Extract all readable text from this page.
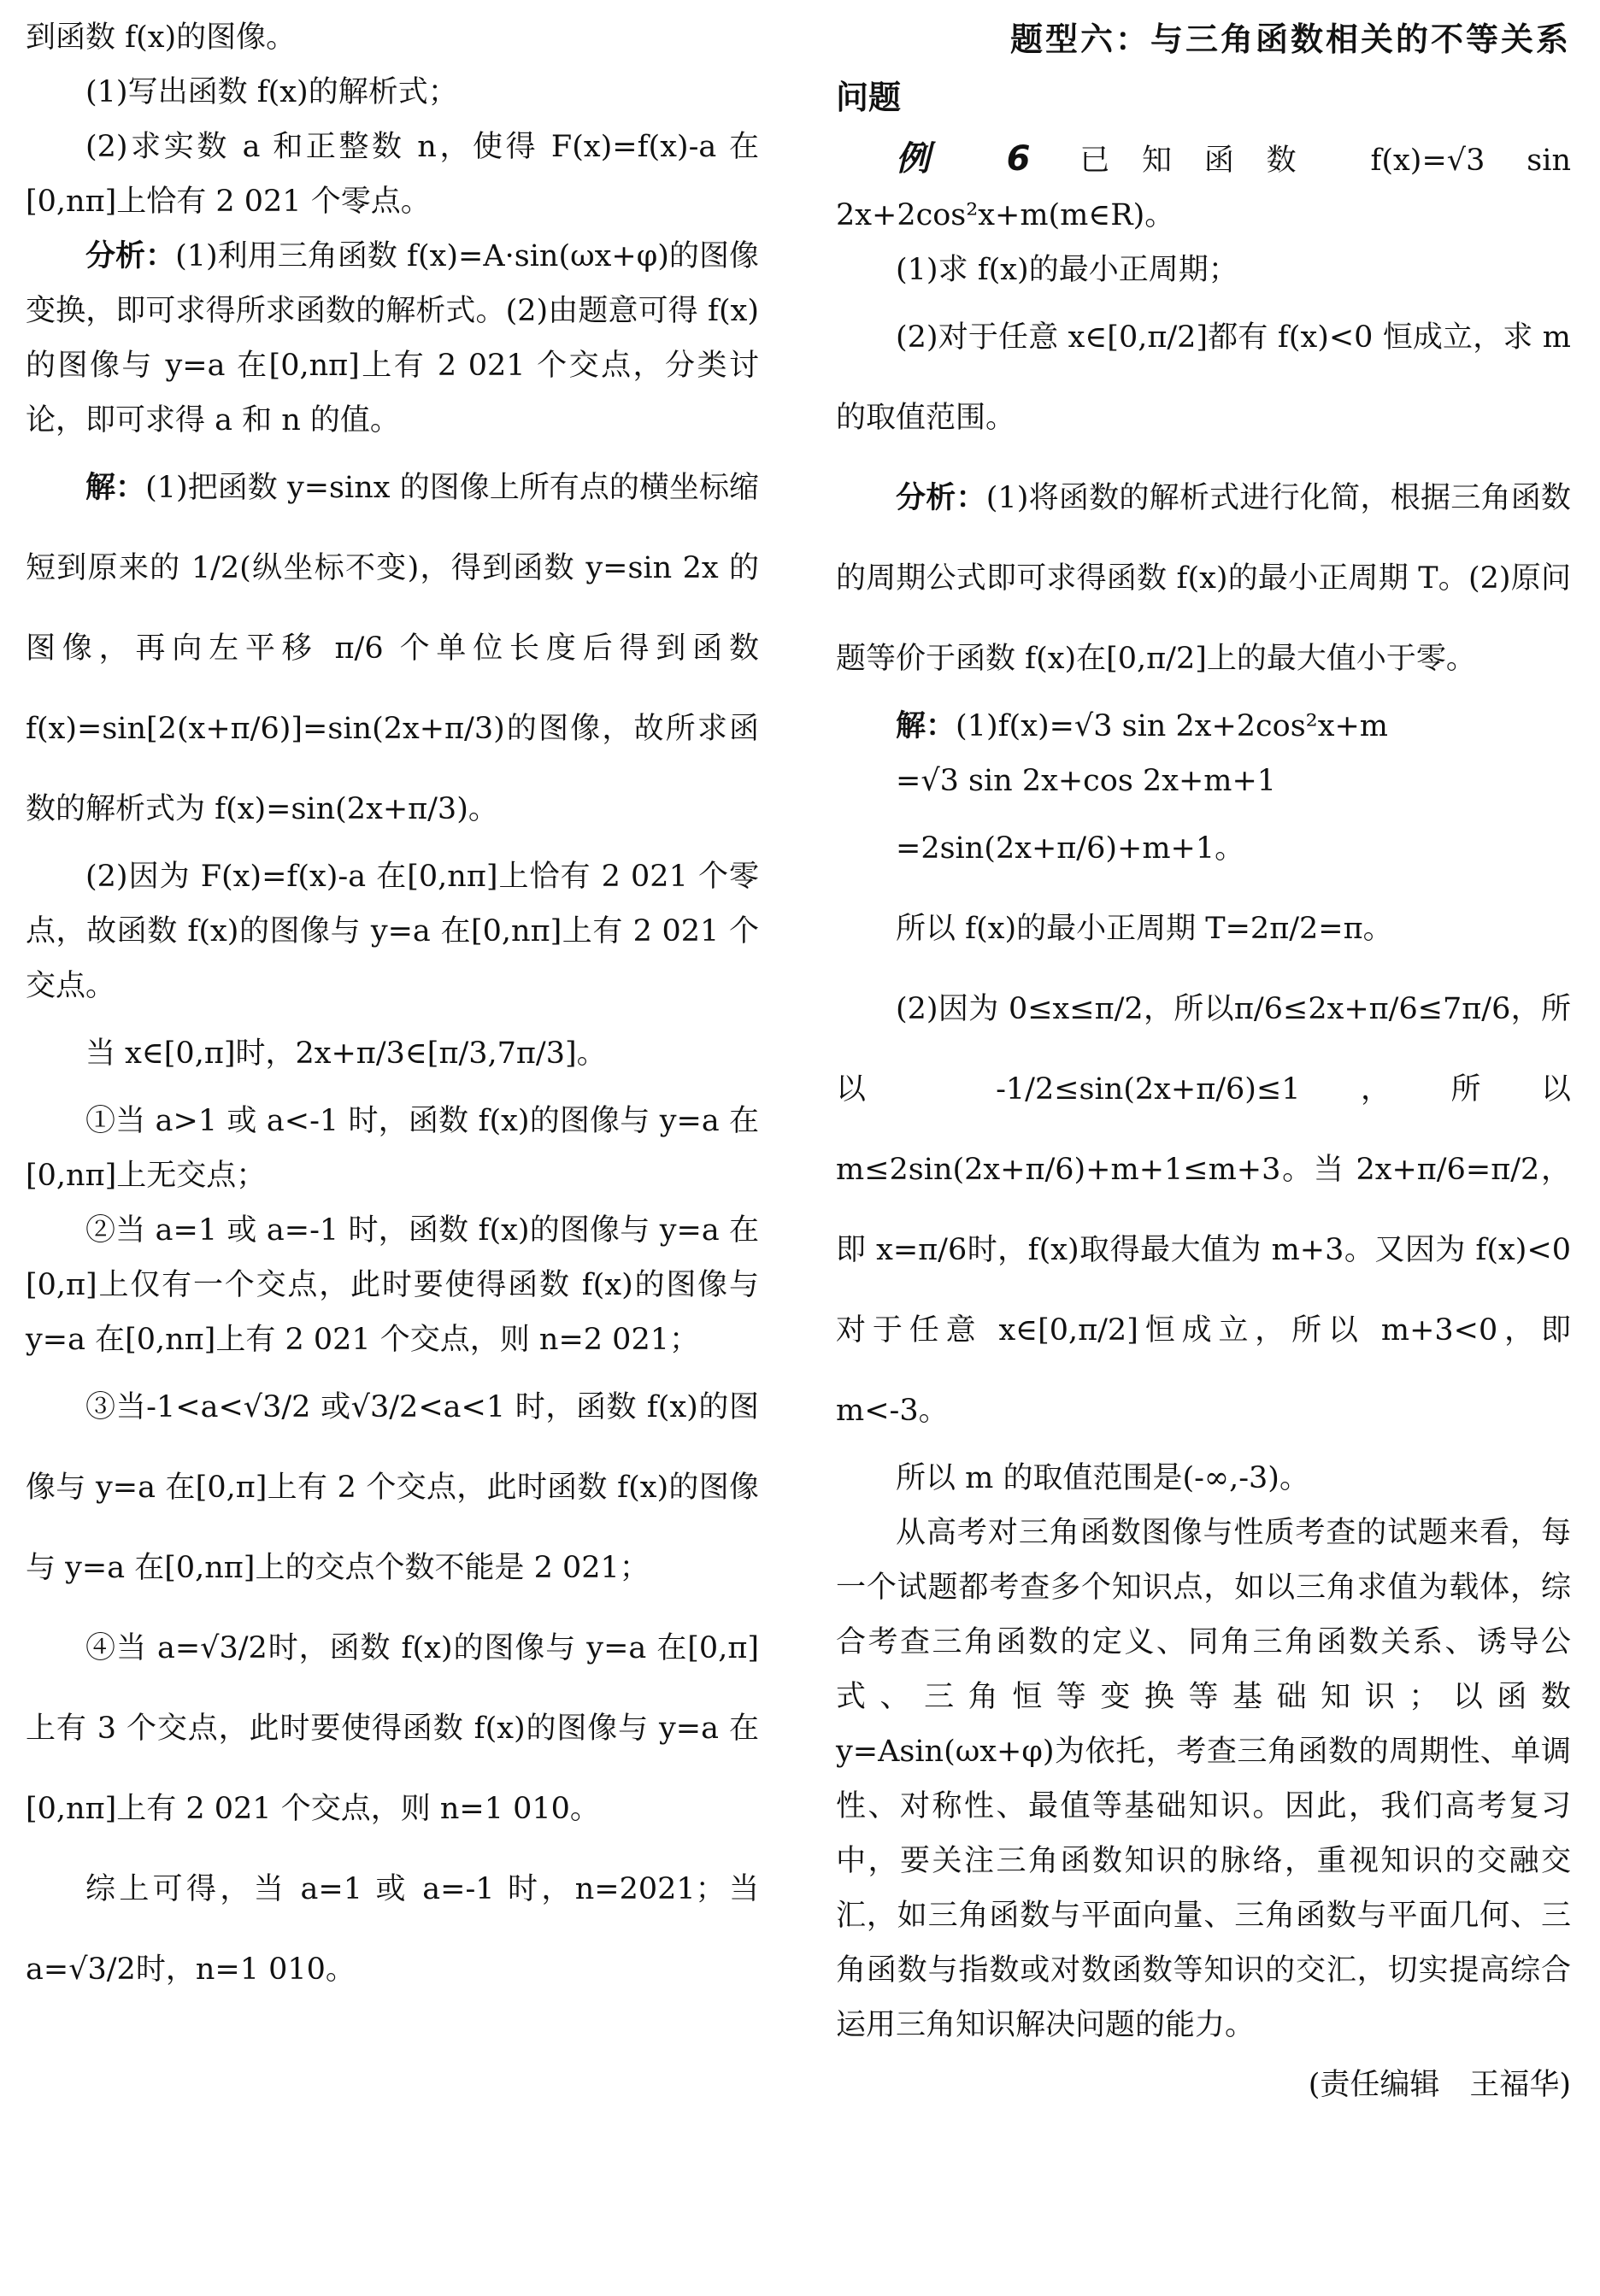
到函数 f(x)的图像。

(1)写出函数 f(x)的解析式；

(2)求实数 a 和正整数 n，使得 F(x)=f(x)-a 在[0,nπ]上恰有 2 021 个零点。

分析：(1)利用三角函数 f(x)=A·sin(ωx+φ)的图像变换，即可求得所求函数的解析式。(2)由题意可得 f(x)的图像与 y=a 在[0,nπ]上有 2 021 个交点，分类讨论，即可求得 a 和 n 的值。

解：(1)把函数 y=sinx 的图像上所有点的横坐标缩短到原来的 1/2(纵坐标不变)，得到函数 y=sin 2x 的图像，再向左平移 π/6 个单位长度后得到函数 f(x)=sin[2(x+π/6)]=sin(2x+π/3)的图像，故所求函数的解析式为 f(x)=sin(2x+π/3)。

(2)因为 F(x)=f(x)-a 在[0,nπ]上恰有 2 021 个零点，故函数 f(x)的图像与 y=a 在[0,nπ]上有 2 021 个交点。

当 x∈[0,π]时，2x+π/3∈[π/3,7π/3]。

①当 a>1 或 a<-1 时，函数 f(x)的图像与 y=a 在[0,nπ]上无交点；

②当 a=1 或 a=-1 时，函数 f(x)的图像与 y=a 在[0,π]上仅有一个交点，此时要使得函数 f(x)的图像与 y=a 在[0,nπ]上有 2 021 个交点，则 n=2 021；

③当-1<a<√3/2 或√3/2<a<1 时，函数 f(x)的图像与 y=a 在[0,π]上有 2 个交点，此时函数 f(x)的图像与 y=a 在[0,nπ]上的交点个数不能是 2 021；

④当 a=√3/2时，函数 f(x)的图像与 y=a 在[0,π]上有 3 个交点，此时要使得函数 f(x)的图像与 y=a 在[0,nπ]上有 2 021 个交点，则 n=1 010。

综上可得，当 a=1 或 a=-1 时，n=2021；当 a=√3/2时，n=1 010。

题型六：与三角函数相关的不等关系
问题

例 6 已知函数 f(x)=√3 sin 2x+2cos²x+m(m∈R)。

(1)求 f(x)的最小正周期；

(2)对于任意 x∈[0,π/2]都有 f(x)<0 恒成立，求 m 的取值范围。

分析：(1)将函数的解析式进行化简，根据三角函数的周期公式即可求得函数 f(x)的最小正周期 T。(2)原问题等价于函数 f(x)在[0,π/2]上的最大值小于零。

解：(1)f(x)=√3 sin 2x+2cos²x+m

=√3 sin 2x+cos 2x+m+1

=2sin(2x+π/6)+m+1。

所以 f(x)的最小正周期 T=2π/2=π。

(2)因为 0≤x≤π/2，所以π/6≤2x+π/6≤7π/6，所以 -1/2≤sin(2x+π/6)≤1，所以 m≤2sin(2x+π/6)+m+1≤m+3。当 2x+π/6=π/2，即 x=π/6时，f(x)取得最大值为 m+3。又因为 f(x)<0 对于任意 x∈[0,π/2]恒成立，所以 m+3<0，即 m<-3。

所以 m 的取值范围是(-∞,-3)。

从高考对三角函数图像与性质考查的试题来看，每一个试题都考查多个知识点，如以三角求值为载体，综合考查三角函数的定义、同角三角函数关系、诱导公式、三角恒等变换等基础知识；以函数 y=Asin(ωx+φ)为依托，考查三角函数的周期性、单调性、对称性、最值等基础知识。因此，我们高考复习中，要关注三角函数知识的脉络，重视知识的交融交汇，如三角函数与平面向量、三角函数与平面几何、三角函数与指数或对数函数等知识的交汇，切实提高综合运用三角知识解决问题的能力。

(责任编辑　王福华)
